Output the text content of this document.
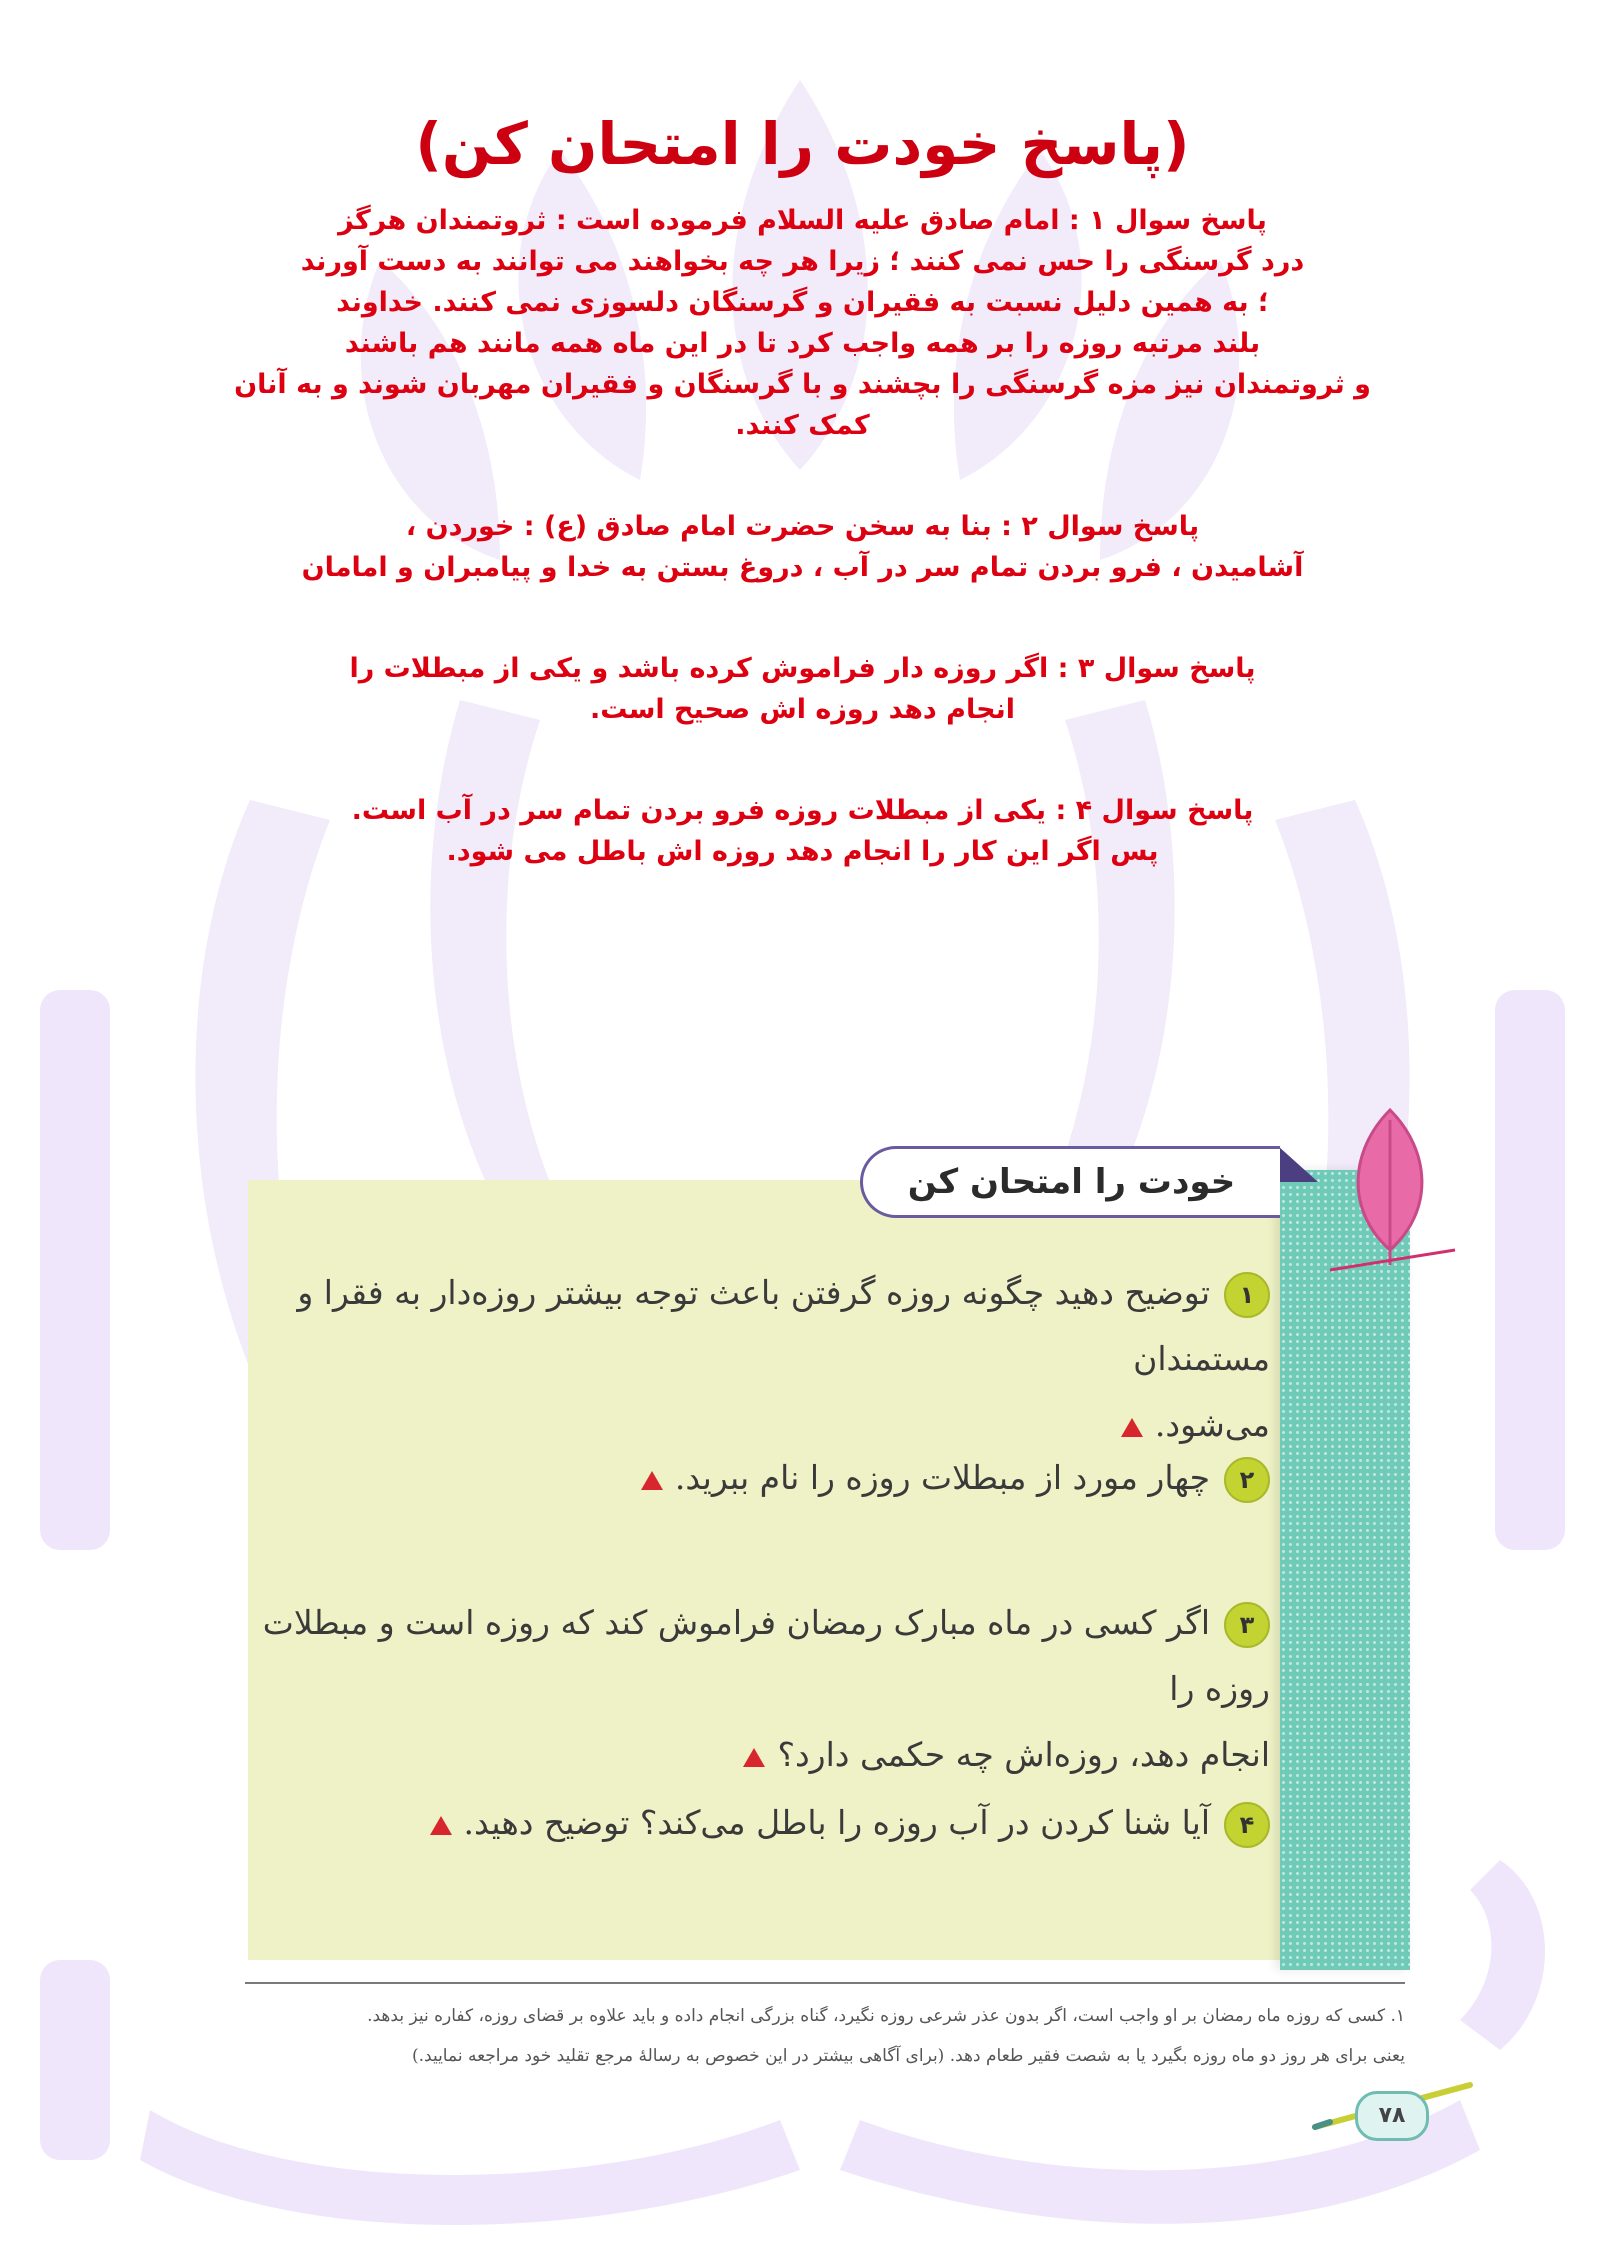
(پاسخ خودت را امتحان کن)

پاسخ سوال ۱ : امام صادق علیه السلام فرموده است : ثروتمندان هرگز

درد گرسنگی را حس نمی کنند ؛ زیرا هر چه بخواهند می توانند به دست آورند

؛ به همین دلیل نسبت به فقیران و گرسنگان دلسوزی نمی کنند. خداوند

بلند مرتبه روزه را بر همه واجب کرد تا در این ماه همه مانند هم باشند

و ثروتمندان نیز مزه گرسنگی را بچشند و با گرسنگان و فقیران مهربان شوند و به آنان کمک کنند.

پاسخ سوال ۲ : بنا به سخن حضرت امام صادق (ع) : خوردن ،

آشامیدن ، فرو بردن تمام سر در آب ، دروغ بستن به خدا و پیامبران و امامان

پاسخ سوال ۳ : اگر روزه دار فراموش کرده باشد و یکی از مبطلات را

انجام دهد روزه اش صحیح است.

پاسخ سوال ۴ : یکی از مبطلات روزه فرو بردن تمام سر در آب است.

پس اگر این کار را انجام دهد روزه اش باطل می شود.

خودت را امتحان کن
۱توضیح دهید چگونه روزه گرفتن باعث توجه بیشتر روزه‌دار به فقرا و مستمندان
می‌شود.
۲چهار مورد از مبطلات روزه را نام ببرید.
۳اگر کسی در ماه مبارک رمضان فراموش کند که روزه است و مبطلات روزه را
انجام دهد، روزه‌اش چه حکمی دارد؟
۴آیا شنا کردن در آب روزه را باطل می‌کند؟ توضیح دهید.

۱. کسی که روزه ماه رمضان بر او واجب است، اگر بدون عذر شرعی روزه نگیرد، گناه بزرگی انجام داده و باید علاوه بر قضای روزه، کفاره نیز بدهد.

یعنی برای هر روز دو ماه روزه بگیرد یا به شصت فقیر طعام دهد. (برای آگاهی بیشتر در این خصوص به رسالهٔ مرجع تقلید خود مراجعه نمایید.)

۷۸
